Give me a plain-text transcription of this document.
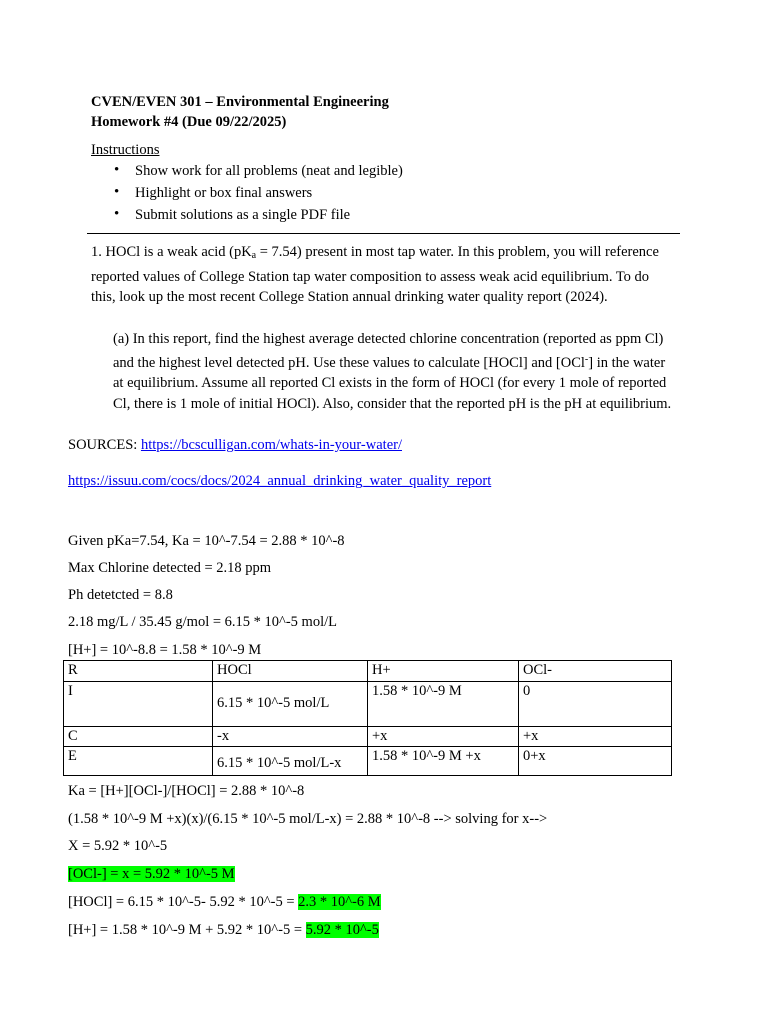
CVEN/EVEN 301 – Environmental Engineering
Homework #4 (Due 09/22/2025)
Instructions
• Show work for all problems (neat and legible)
• Highlight or box final answers
• Submit solutions as a single PDF file
1. HOCl is a weak acid $(pK_a = 7.54)$ present in most tap water. In this problem, you will reference reported values of College Station tap water composition to assess weak acid equilibrium. To do this, look up the most recent College Station annual drinking water quality report (2024).
(a) In this report, find the highest average detected chlorine concentration (reported as ppm Cl) and the highest level detected pH. Use these values to calculate [HOCl] and [OCl-] in the water at equilibrium. Assume all reported Cl exists in the form of HOCl (for every 1 mole of reported Cl, there is 1 mole of initial HOCl). Also, consider that the reported pH is the pH at equilibrium.
SOURCES: https://bcsculligan.com/whats-in-your-water/
https://issuu.com/cocs/docs/2024_annual_drinking_water_quality_report
Given pKa=7.54, Ka = 10^-7.54 = 2.88 * 10^-8
Max Chlorine detected = 2.18 ppm
Ph detetcted = 8.8
2.18 mg/L / 35.45 g/mol = 6.15 * 10^-5 mol/L
[H+] = 10^-8.8 = 1.58 * 10^-9 M
R	HOCl	H+	OCl-
I	6.15 * 10^-5 mol/L	1.58 * 10^-9 M	0
C	-x	+x	+x
E	6.15 * 10^-5 mol/L-x	1.58 * 10^-9 M +x	0+x
Ka = [H+][OCl-]/[HOCl] = 2.88 * 10^-8
(1.58 * 10^-9 M +x)(x)/(6.15 * 10^-5 mol/L-x) = 2.88 * 10^-8 --> solving for x-->
X = 5.92 * 10^-5
[OCl-] = x = 5.92 * 10^-5 M
[HOCl] = 6.15 * 10^-5- 5.92 * 10^-5 = 2.3 * 10^-6 M
[H+] = 1.58 * 10^-9 M + 5.92 * 10^-5 = 5.92 * 10^-5
